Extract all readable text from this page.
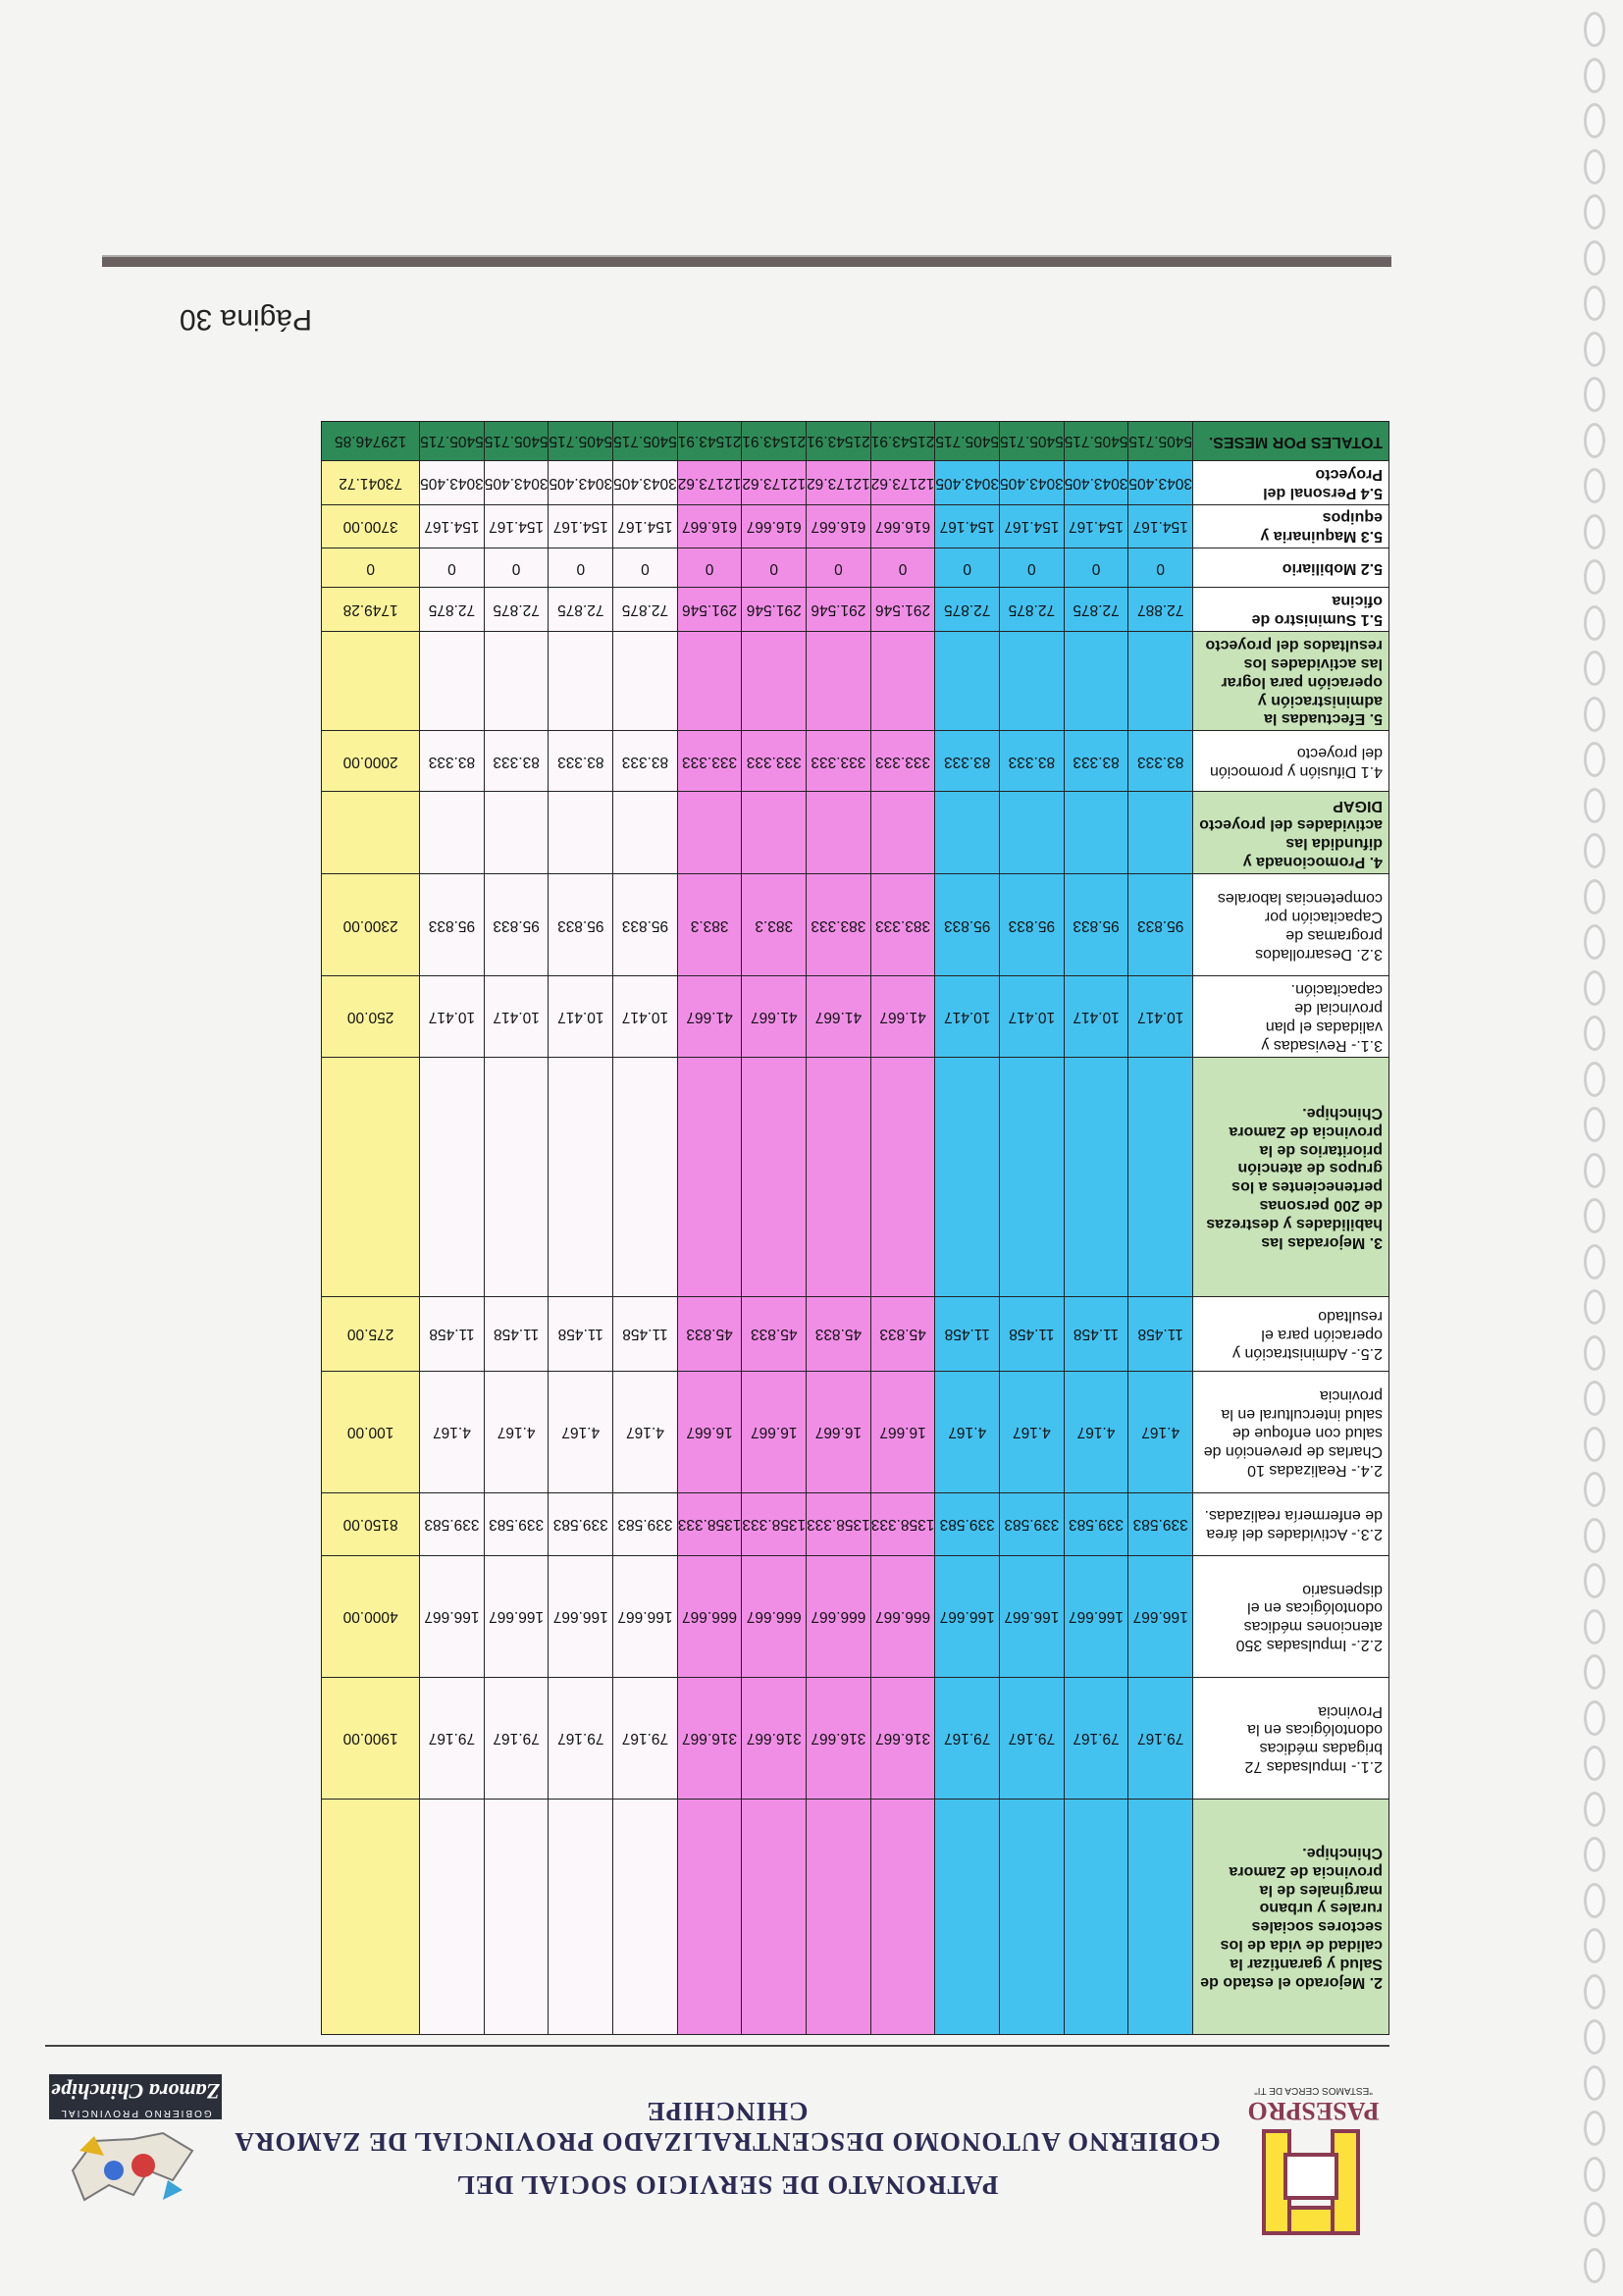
PASESPRO
"ESTAMOS CERCA DE TI"
PATRONATO DE SERVICIO SOCIAL DEL
GOBIERNO AUTONOMO DESCENTRALIZADO PROVINCIAL DE ZAMORA CHINCHIPE
GOBIERNO PROVINCIAL
Zamora Chinchipe
2. Mejorado el estado de Salud y garantizar la calidad de vida de los sectores sociales rurales y urbano marginales de la provincia de Zamora Chinchipe.													
2.1.- Impulsadas 72 brigadas médicas odontológicas en la Provincia	79.167	79.167	79.167	79.167	316.667	316.667	316.667	316.667	79.167	79.167	79.167	79.167	1900.00
2.2.- Impulsadas 350 atenciones médicas odontológicas en el dispensario	166.667	166.667	166.667	166.667	666.667	666.667	666.667	666.667	166.667	166.667	166.667	166.667	4000.00
2.3.- Actividades del área de enfermería realizadas.	339.583	339.583	339.583	339.583	1358.333	1358.333	1358.333	1358.333	339.583	339.583	339.583	339.583	8150.00
2.4.- Realizadas 10 Charlas de prevención de salud con enfoque de salud intercultural en la provincia	4.167	4.167	4.167	4.167	16.667	16.667	16.667	16.667	4.167	4.167	4.167	4.167	100.00
2.5.- Administración y operación para el resultado	11.458	11.458	11.458	11.458	45.833	45.833	45.833	45.833	11.458	11.458	11.458	11.458	275.00
3. Mejoradas las habilidades y destrezas de 200 personas pertenecientes a los grupos de atención prioritarios de la provincia de Zamora Chinchipe.													
3.1.- Revisadas y validadas el plan provincial de capacitación.	10.417	10.417	10.417	10.417	41.667	41.667	41.667	41.667	10.417	10.417	10.417	10.417	250.00
3.2. Desarrollados programas de Capacitación por competencias laborales	95.833	95.833	95.833	95.833	383.333	383.333	383.3	383.3	95.833	95.833	95.833	95.833	2300.00
4. Promocionada y difundida las actividades del proyecto DIGAP													
4.1 Difusión y promoción del proyecto	83.333	83.333	83.333	83.333	333.333	333.333	333.333	333.333	83.333	83.333	83.333	83.333	2000.00
5. Efectuadas la administración y operación para lograr las actividades los resultados del proyecto													
5.1 Suministro de oficina	72.887	72.875	72.875	72.875	291.546	291.546	291.546	291.546	72.875	72.875	72.875	72.875	1749.28
5.2 Mobiliario	0	0	0	0	0	0	0	0	0	0	0	0	0
5.3 Maquinaria y equipos	154.167	154.167	154.167	154.167	616.667	616.667	616.667	616.667	154.167	154.167	154.167	154.167	3700.00
5.4 Personal del Proyecto	3043.405	3043.405	3043.405	3043.405	12173.62	12173.62	12173.62	12173.62	3043.405	3043.405	3043.405	3043.405	73041.72
TOTALES POR MESES.	5405.715	5405.715	5405.715	5405.715	21543.91	21543.91	21543.91	21543.91	5405.715	5405.715	5405.715	5405.715	129746.85
Página 30
